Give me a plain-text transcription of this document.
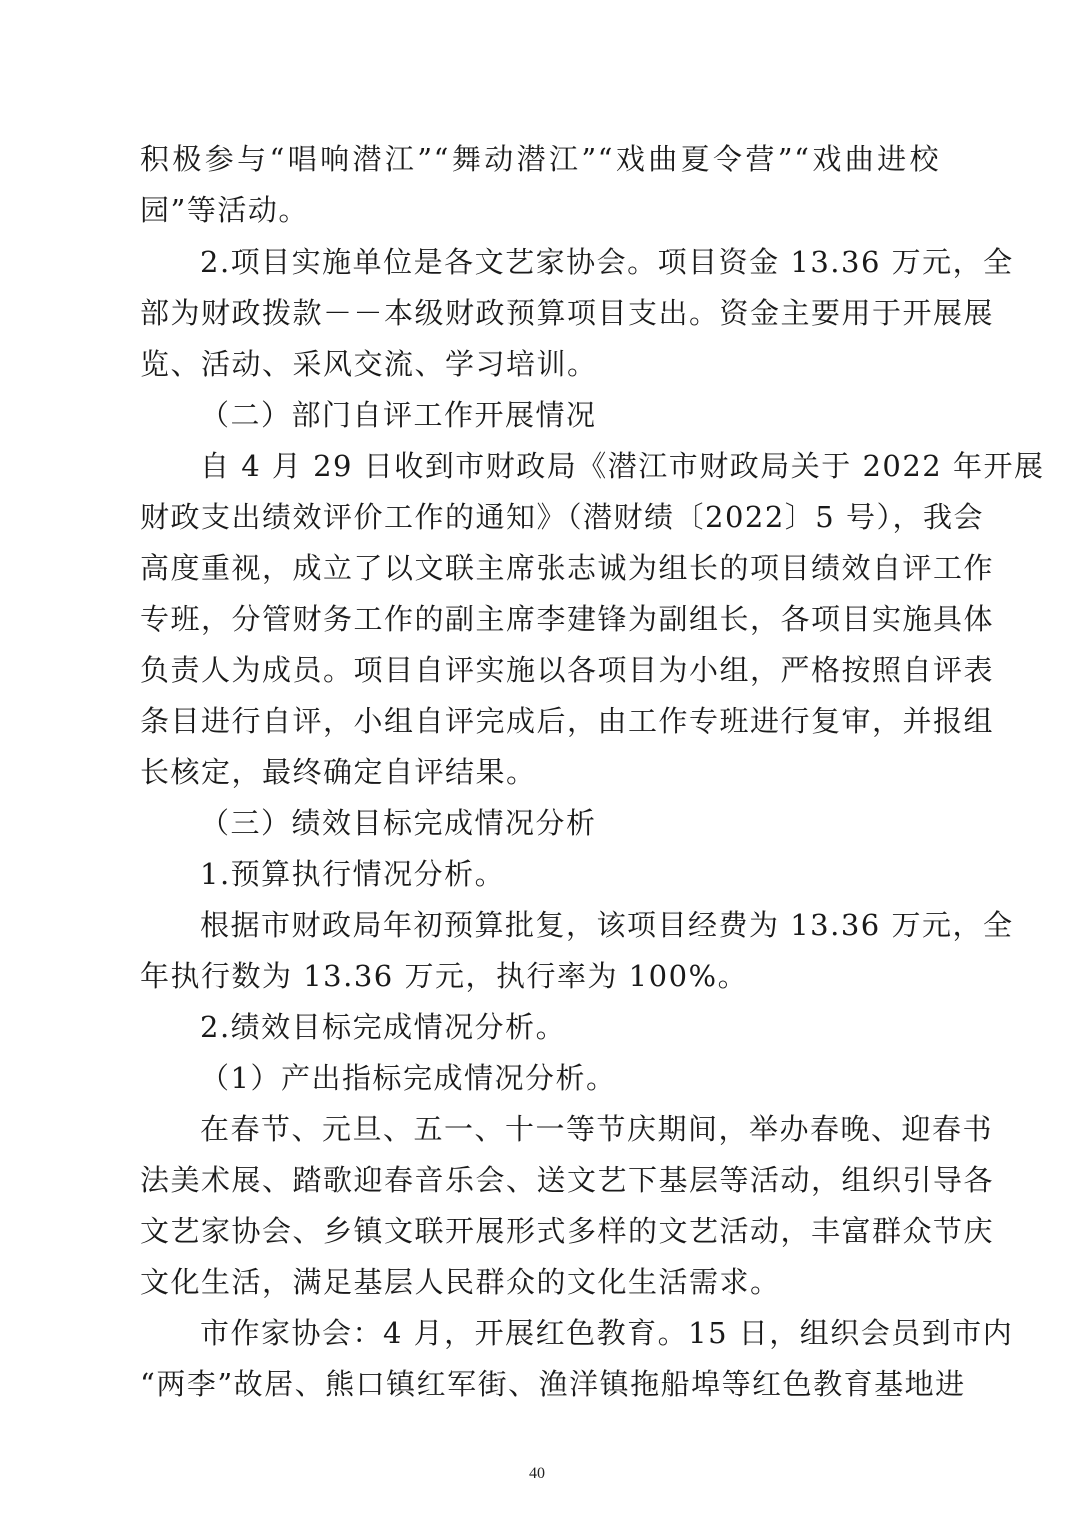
积极参与“唱响潜江”“舞动潜江”“戏曲夏令营”“戏曲进校
园”等活动。
2.项目实施单位是各文艺家协会。项目资金 13.36 万元，全
部为财政拨款－－本级财政预算项目支出。资金主要用于开展展
览、活动、采风交流、学习培训。
（二）部门自评工作开展情况
自 4 月 29 日收到市财政局《潜江市财政局关于 2022 年开展
财政支出绩效评价工作的通知》（潜财绩〔2022〕5 号），我会
高度重视，成立了以文联主席张志诚为组长的项目绩效自评工作
专班，分管财务工作的副主席李建锋为副组长，各项目实施具体
负责人为成员。项目自评实施以各项目为小组，严格按照自评表
条目进行自评，小组自评完成后，由工作专班进行复审，并报组
长核定，最终确定自评结果。
（三）绩效目标完成情况分析
1.预算执行情况分析。
根据市财政局年初预算批复，该项目经费为 13.36 万元，全
年执行数为 13.36 万元，执行率为 100%。
2.绩效目标完成情况分析。
（1）产出指标完成情况分析。
在春节、元旦、五一、十一等节庆期间，举办春晚、迎春书
法美术展、踏歌迎春音乐会、送文艺下基层等活动，组织引导各
文艺家协会、乡镇文联开展形式多样的文艺活动，丰富群众节庆
文化生活，满足基层人民群众的文化生活需求。
市作家协会：4 月，开展红色教育。15 日，组织会员到市内
“两李”故居、熊口镇红军街、渔洋镇拖船埠等红色教育基地进
40
